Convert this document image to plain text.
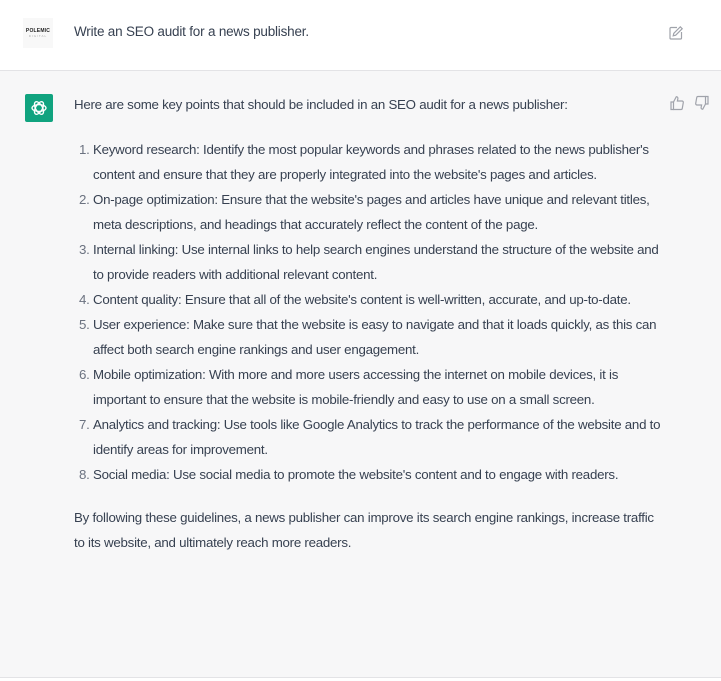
POLEMIC
DIGITAL Write an SEO audit for a news publisher.

Here are some key points that should be included in an SEO audit for a news publisher:

1. Keyword research: Identify the most popular keywords and phrases related to the news publisher's content and ensure that they are properly integrated into the website's pages and articles.
2. On-page optimization: Ensure that the website's pages and articles have unique and relevant titles, meta descriptions, and headings that accurately reflect the content of the page.
3. Internal linking: Use internal links to help search engines understand the structure of the website and to provide readers with additional relevant content.
4. Content quality: Ensure that all of the website's content is well-written, accurate, and up-to-date.
5. User experience: Make sure that the website is easy to navigate and that it loads quickly, as this can affect both search engine rankings and user engagement.
6. Mobile optimization: With more and more users accessing the internet on mobile devices, it is important to ensure that the website is mobile-friendly and easy to use on a small screen.
7. Analytics and tracking: Use tools like Google Analytics to track the performance of the website and to identify areas for improvement.
8. Social media: Use social media to promote the website's content and to engage with readers.

By following these guidelines, a news publisher can improve its search engine rankings, increase traffic to its website, and ultimately reach more readers.
